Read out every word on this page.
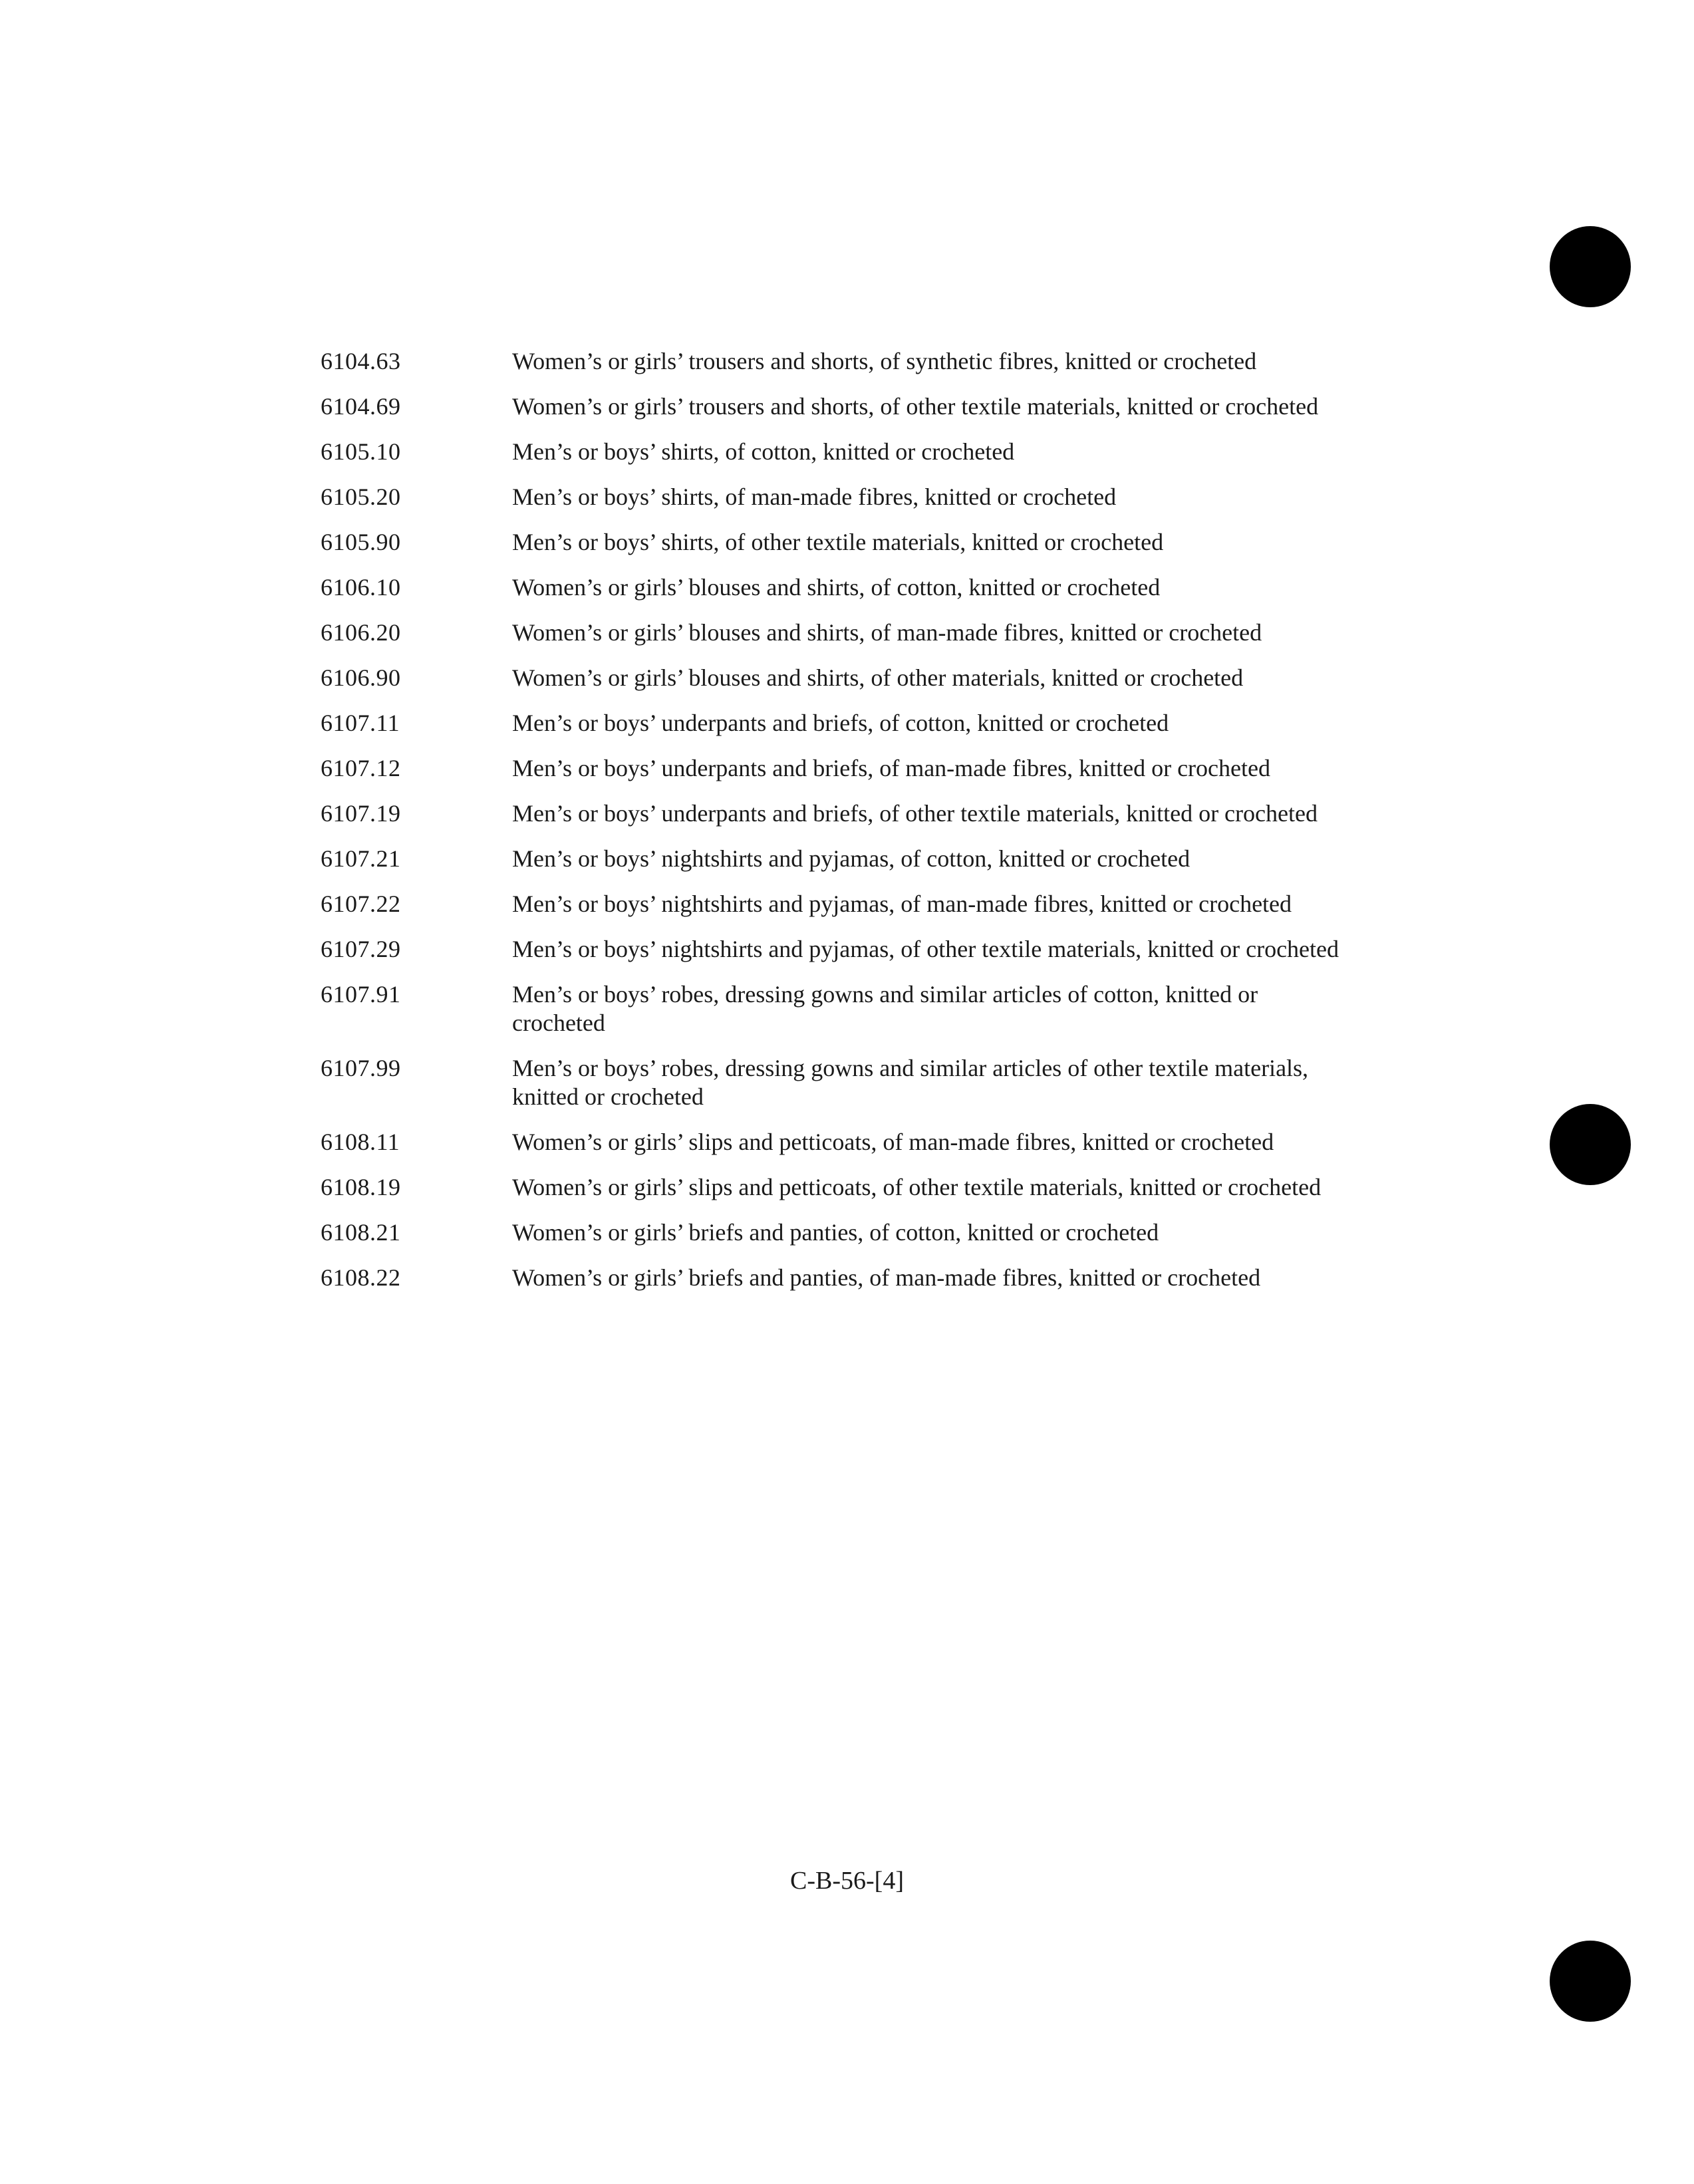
6104.63	Women’s or girls’ trousers and shorts, of synthetic fibres, knitted or crocheted
6104.69	Women’s or girls’ trousers and shorts, of other textile materials, knitted or crocheted
6105.10	Men’s or boys’ shirts, of cotton, knitted or crocheted
6105.20	Men’s or boys’ shirts, of man-made fibres, knitted or crocheted
6105.90	Men’s or boys’ shirts, of other textile materials, knitted or crocheted
6106.10	Women’s or girls’ blouses and shirts, of cotton, knitted or crocheted
6106.20	Women’s or girls’ blouses and shirts, of man-made fibres, knitted or crocheted
6106.90	Women’s or girls’ blouses and shirts, of other materials, knitted or crocheted
6107.11	Men’s or boys’ underpants and briefs, of cotton, knitted or crocheted
6107.12	Men’s or boys’ underpants and briefs, of man-made fibres, knitted or crocheted
6107.19	Men’s or boys’ underpants and briefs, of other textile materials, knitted or crocheted
6107.21	Men’s or boys’ nightshirts and pyjamas, of cotton, knitted or crocheted
6107.22	Men’s or boys’ nightshirts and pyjamas, of man-made fibres, knitted or crocheted
6107.29	Men’s or boys’ nightshirts and pyjamas, of other textile materials, knitted or crocheted
6107.91	Men’s or boys’ robes, dressing gowns and similar articles of cotton, knitted or crocheted
6107.99	Men’s or boys’ robes, dressing gowns and similar articles of other textile materials, knitted or crocheted
6108.11	Women’s or girls’ slips and petticoats, of man-made fibres, knitted or crocheted
6108.19	Women’s or girls’ slips and petticoats, of other textile materials, knitted or crocheted
6108.21	Women’s or girls’ briefs and panties, of cotton, knitted or crocheted
6108.22	Women’s or girls’ briefs and panties, of man-made fibres, knitted or crocheted
C-B-56-[4]
